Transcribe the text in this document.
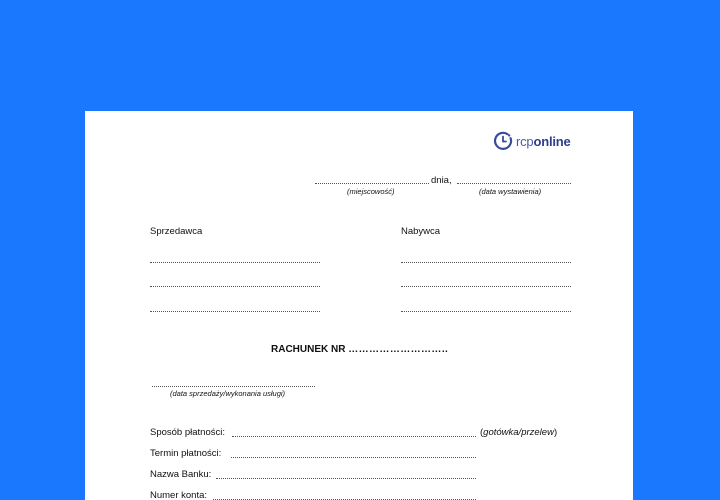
rcponline
dnia,
(miejscowość)	(data wystawienia)
Sprzedawca	Nabywca
RACHUNEK NR ………………………..
(data sprzedaży/wykonania usługi)
Sposób płatności:	(gotówka/przelew)
Termin płatności:
Nazwa Banku:
Numer konta:
